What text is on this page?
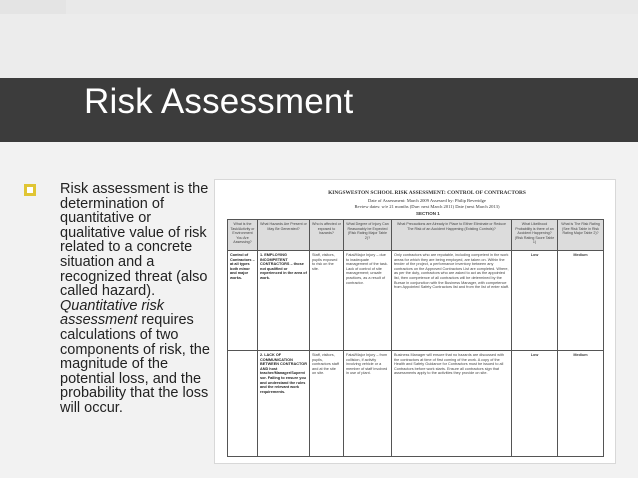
Risk Assessment
Risk assessment is the determination of quantitative or qualitative value of risk related to a concrete situation and a recognized threat (also called hazard). Quantitative risk assessment requires calculations of two components of risk, the magnitude of the potential loss, and the probability that the loss will occur.
KINGSWESTON SCHOOL RISK ASSESSMENT: CONTROL OF CONTRACTORS
Date of Assessment: March 2009 Assessed by: Philip Beveridge
Review dates: w/e 21 months (Due: next March 2011) Date (next March 2013)
SECTION 1
What is the Task/Activity or Environment You Are Assessing?	What Hazards Are Present or May Be Generated?	Who is affected or exposed to hazards?	What Degree of Injury Can Reasonably be Expected (Risk Rating Major Table 2)?	What Precautions are Already in Place to Either Eliminate or Reduce The Risk of an Accident Happening (Existing Controls)?	What Likelihood Probability is there of an Accident Happening? (Risk Rating Score Table 1)	What is The Risk Rating (See Risk Table in Risk Rating Major Table 2)?
Control of Contractors – at all types both minor and major works.	1. EMPLOYING INCOMPETENT CONTRACTORS – those not qualified or experienced in the area of work.	Staff, visitors, pupils exposed to risk on the site.	Fatal/Major Injury – due to inadequate management of the task. Lack of control of site management; unsafe practices, as a result of contractor.	Only contractors who are reputable, including competent in the work areas for which they are being employed, are taken on. Within the tender of the project, a performance inventory between any contractors on the Approved Contractors List are completed. Where, as per the duty, contractors who are asked to act as the appointed list, then competence of all contractors will be determined by the Bursar in conjunction with the Business Manager, with competence from Appointed Safety Contractors list and from the list of enter staff.	Low	Medium
	2. LACK OF COMMUNICATION BETWEEN CONTRACTOR AND host teacher/Manager/Supervisor. Failing to ensure you and understand the rules and the relevant work requirements.	Staff, visitors, pupils, contractors staff and at the site on site.	Fatal/Major Injury – from collision, if activity involving vehicle or a member of staff involved in use of plant.	Business Manager will ensure that no hazards are discussed with the contractors at time of first coming of the work. A copy of the Health and Safety Guidance for Contractors must be issued to all Contractors before work starts. Ensure all contractors sign that assessments apply to the activities they provide on site.	Low	Medium
